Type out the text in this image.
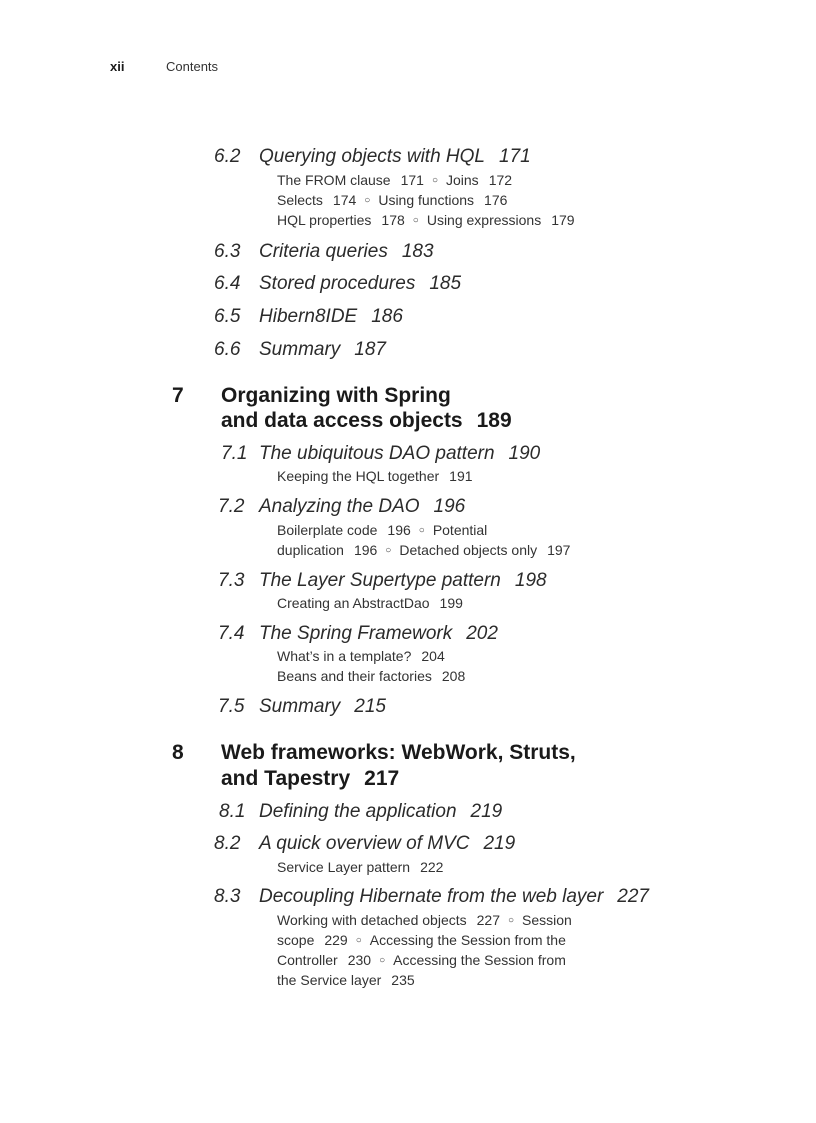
xii	Contents
6.2 Querying objects with HQL 171
The FROM clause 171 ○ Joins 172
Selects 174 ○ Using functions 176
HQL properties 178 ○ Using expressions 179
6.3 Criteria queries 183
6.4 Stored procedures 185
6.5 Hibern8IDE 186
6.6 Summary 187
7 Organizing with Spring
and data access objects 189
7.1 The ubiquitous DAO pattern 190
Keeping the HQL together 191
7.2 Analyzing the DAO 196
Boilerplate code 196 ○ Potential
duplication 196 ○ Detached objects only 197
7.3 The Layer Supertype pattern 198
Creating an AbstractDao 199
7.4 The Spring Framework 202
What’s in a template? 204
Beans and their factories 208
7.5 Summary 215
8 Web frameworks: WebWork, Struts,
and Tapestry 217
8.1 Defining the application 219
8.2 A quick overview of MVC 219
Service Layer pattern 222
8.3 Decoupling Hibernate from the web layer 227
Working with detached objects 227 ○ Session
scope 229 ○ Accessing the Session from the
Controller 230 ○ Accessing the Session from
the Service layer 235
